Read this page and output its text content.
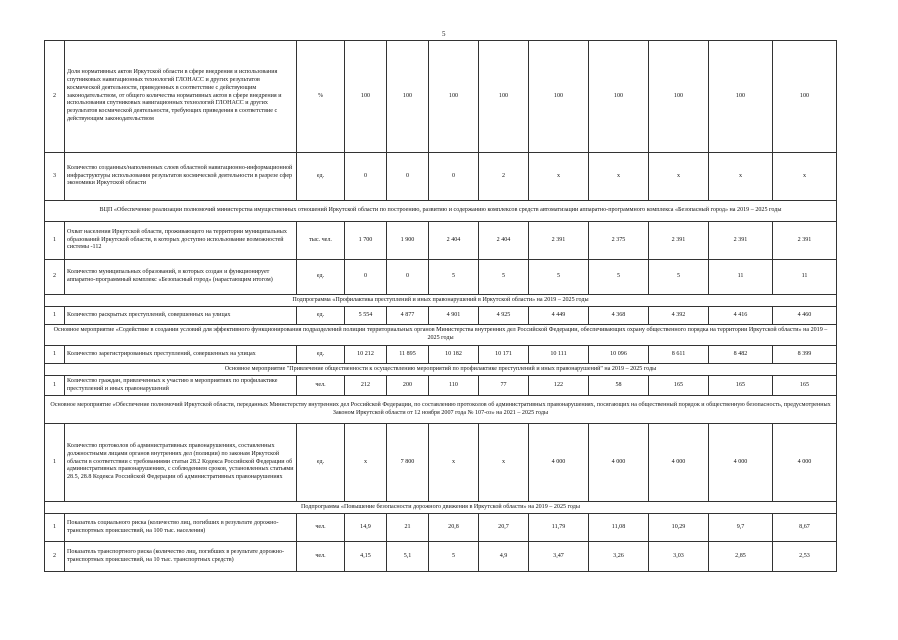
5
2	Доля нормативных актов Иркутской области в сфере внедрения и использования спутниковых навигационных технологий ГЛОНАСС и других результатов космической деятельности, приведенных в соответствие с действующим законодательством, от общего количества нормативных актов в сфере внедрения и использования спутниковых навигационных технологий ГЛОНАСС и других результатов космической деятельности, требующих приведения в соответствие с действующим законодательством	%	100	100	100	100	100	100	100	100	100
3	Количество созданных/наполненных слоев областной навигационно-информационной инфраструктуры использования результатов космической деятельности в разрезе сфер экономики Иркутской области	ед.	0	0	0	2	х	х	х	х	х
ВЦП «Обеспечение реализации полномочий министерства имущественных отношений Иркутской области по построению, развитию и содержанию комплексов средств автоматизации аппаратно-программного комплекса «Безопасный город» на 2019 – 2025 годы											
1	Охват населения Иркутской области, проживающего на территории муниципальных образований Иркутской области, в которых доступно использование возможностей системы -112	тыс. чел.	1 700	1 900	2 404	2 404	2 391	2 375	2 391	2 391	2 391
2	Количество муниципальных образований, в которых создан и функционирует аппаратно-программный комплекс «Безопасный город» (нарастающим итогом)	ед.	0	0	5	5	5	5	5	11	11
Подпрограмма «Профилактика преступлений и иных правонарушений в Иркутской области» на 2019 – 2025 годы											
1	Количество раскрытых преступлений, совершенных на улицах	ед.	5 554	4 877	4 901	4 925	4 449	4 368	4 392	4 416	4 460
Основное мероприятие «Содействие в создании условий для эффективного функционирования подразделений полиции территориальных органов Министерства внутренних дел Российской Федерации, обеспечивающих охрану общественного порядка на территории Иркутской области» на 2019 – 2025 годы											
1	Количество зарегистрированных преступлений, совершенных на улицах	ед.	10 212	11 895	10 182	10 171	10 111	10 096	8 611	8 482	8 399
Основное мероприятие "Привлечение общественности к осуществлению мероприятий по профилактике преступлений и иных правонарушений" на 2019 – 2025 годы											
1	Количество граждан, привлеченных к участию в мероприятиях по профилактике преступлений и иных правонарушений	чел.	212	200	110	77	122	58	165	165	165
Основное мероприятие «Обеспечение полномочий Иркутской области, переданных Министерству внутренних дел Российской Федерации, по составлению протоколов об административных правонарушениях, посягающих на общественный порядок и общественную безопасность, предусмотренных Законом Иркутской области от 12 ноября 2007 года № 107-оз» на 2021 – 2025 годы											
1	Количество протоколов об административных правонарушениях, составленных должностными лицами органов внутренних дел (полиции) по законам Иркутской области в соответствии с требованиями статьи 28.2 Кодекса Российской Федерации об административных правонарушениях, с соблюдением сроков, установленных статьями 28.5, 28.8 Кодекса Российской Федерации об административных правонарушениях	ед.	х	7 800	х	х	4 000	4 000	4 000	4 000	4 000
Подпрограмма «Повышение безопасности дорожного движения в Иркутской области» на 2019 – 2025 годы											
1	Показатель социального риска (количество лиц, погибших в результате дорожно-транспортных происшествий, на 100 тыс. населения)	чел.	14,9	21	20,8	20,7	11,79	11,08	10,29	9,7	8,67
2	Показатель транспортного риска (количество лиц, погибших в результате дорожно-транспортных происшествий, на 10 тыс. транспортных средств)	чел.	4,15	5,1	5	4,9	3,47	3,26	3,03	2,85	2,53
